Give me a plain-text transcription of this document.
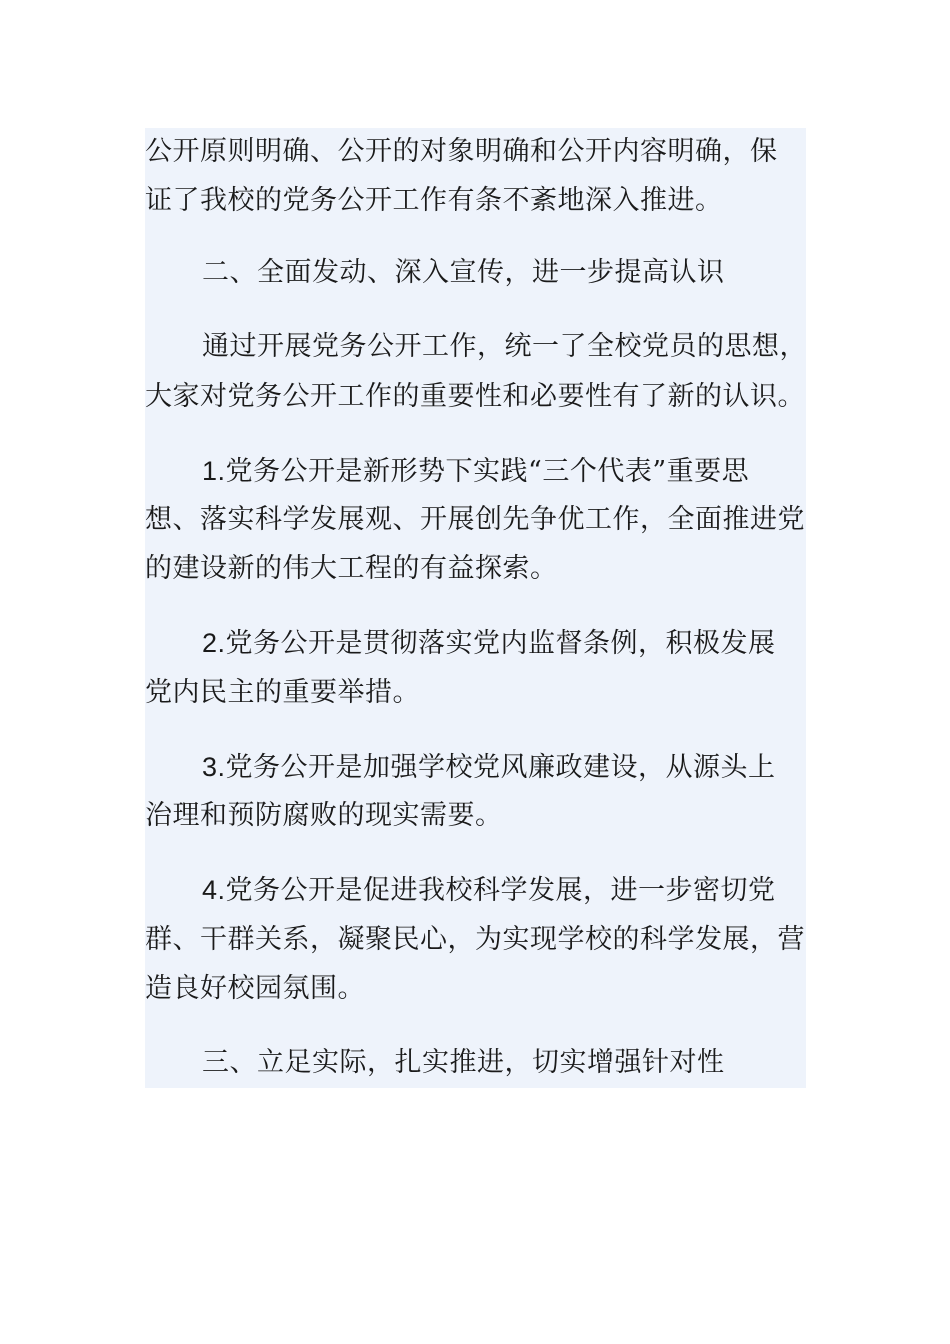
公开原则明确、公开的对象明确和公开内容明确，保
证了我校的党务公开工作有条不紊地深入推进。
二、全面发动、深入宣传，进一步提高认识
通过开展党务公开工作，统一了全校党员的思想，
大家对党务公开工作的重要性和必要性有了新的认识。
1.党务公开是新形势下实践“三个代表”重要思
想、落实科学发展观、开展创先争优工作，全面推进党
的建设新的伟大工程的有益探索。
2.党务公开是贯彻落实党内监督条例，积极发展
党内民主的重要举措。
3.党务公开是加强学校党风廉政建设，从源头上
治理和预防腐败的现实需要。
4.党务公开是促进我校科学发展，进一步密切党
群、干群关系，凝聚民心，为实现学校的科学发展，营
造良好校园氛围。
三、立足实际，扎实推进，切实增强针对性
